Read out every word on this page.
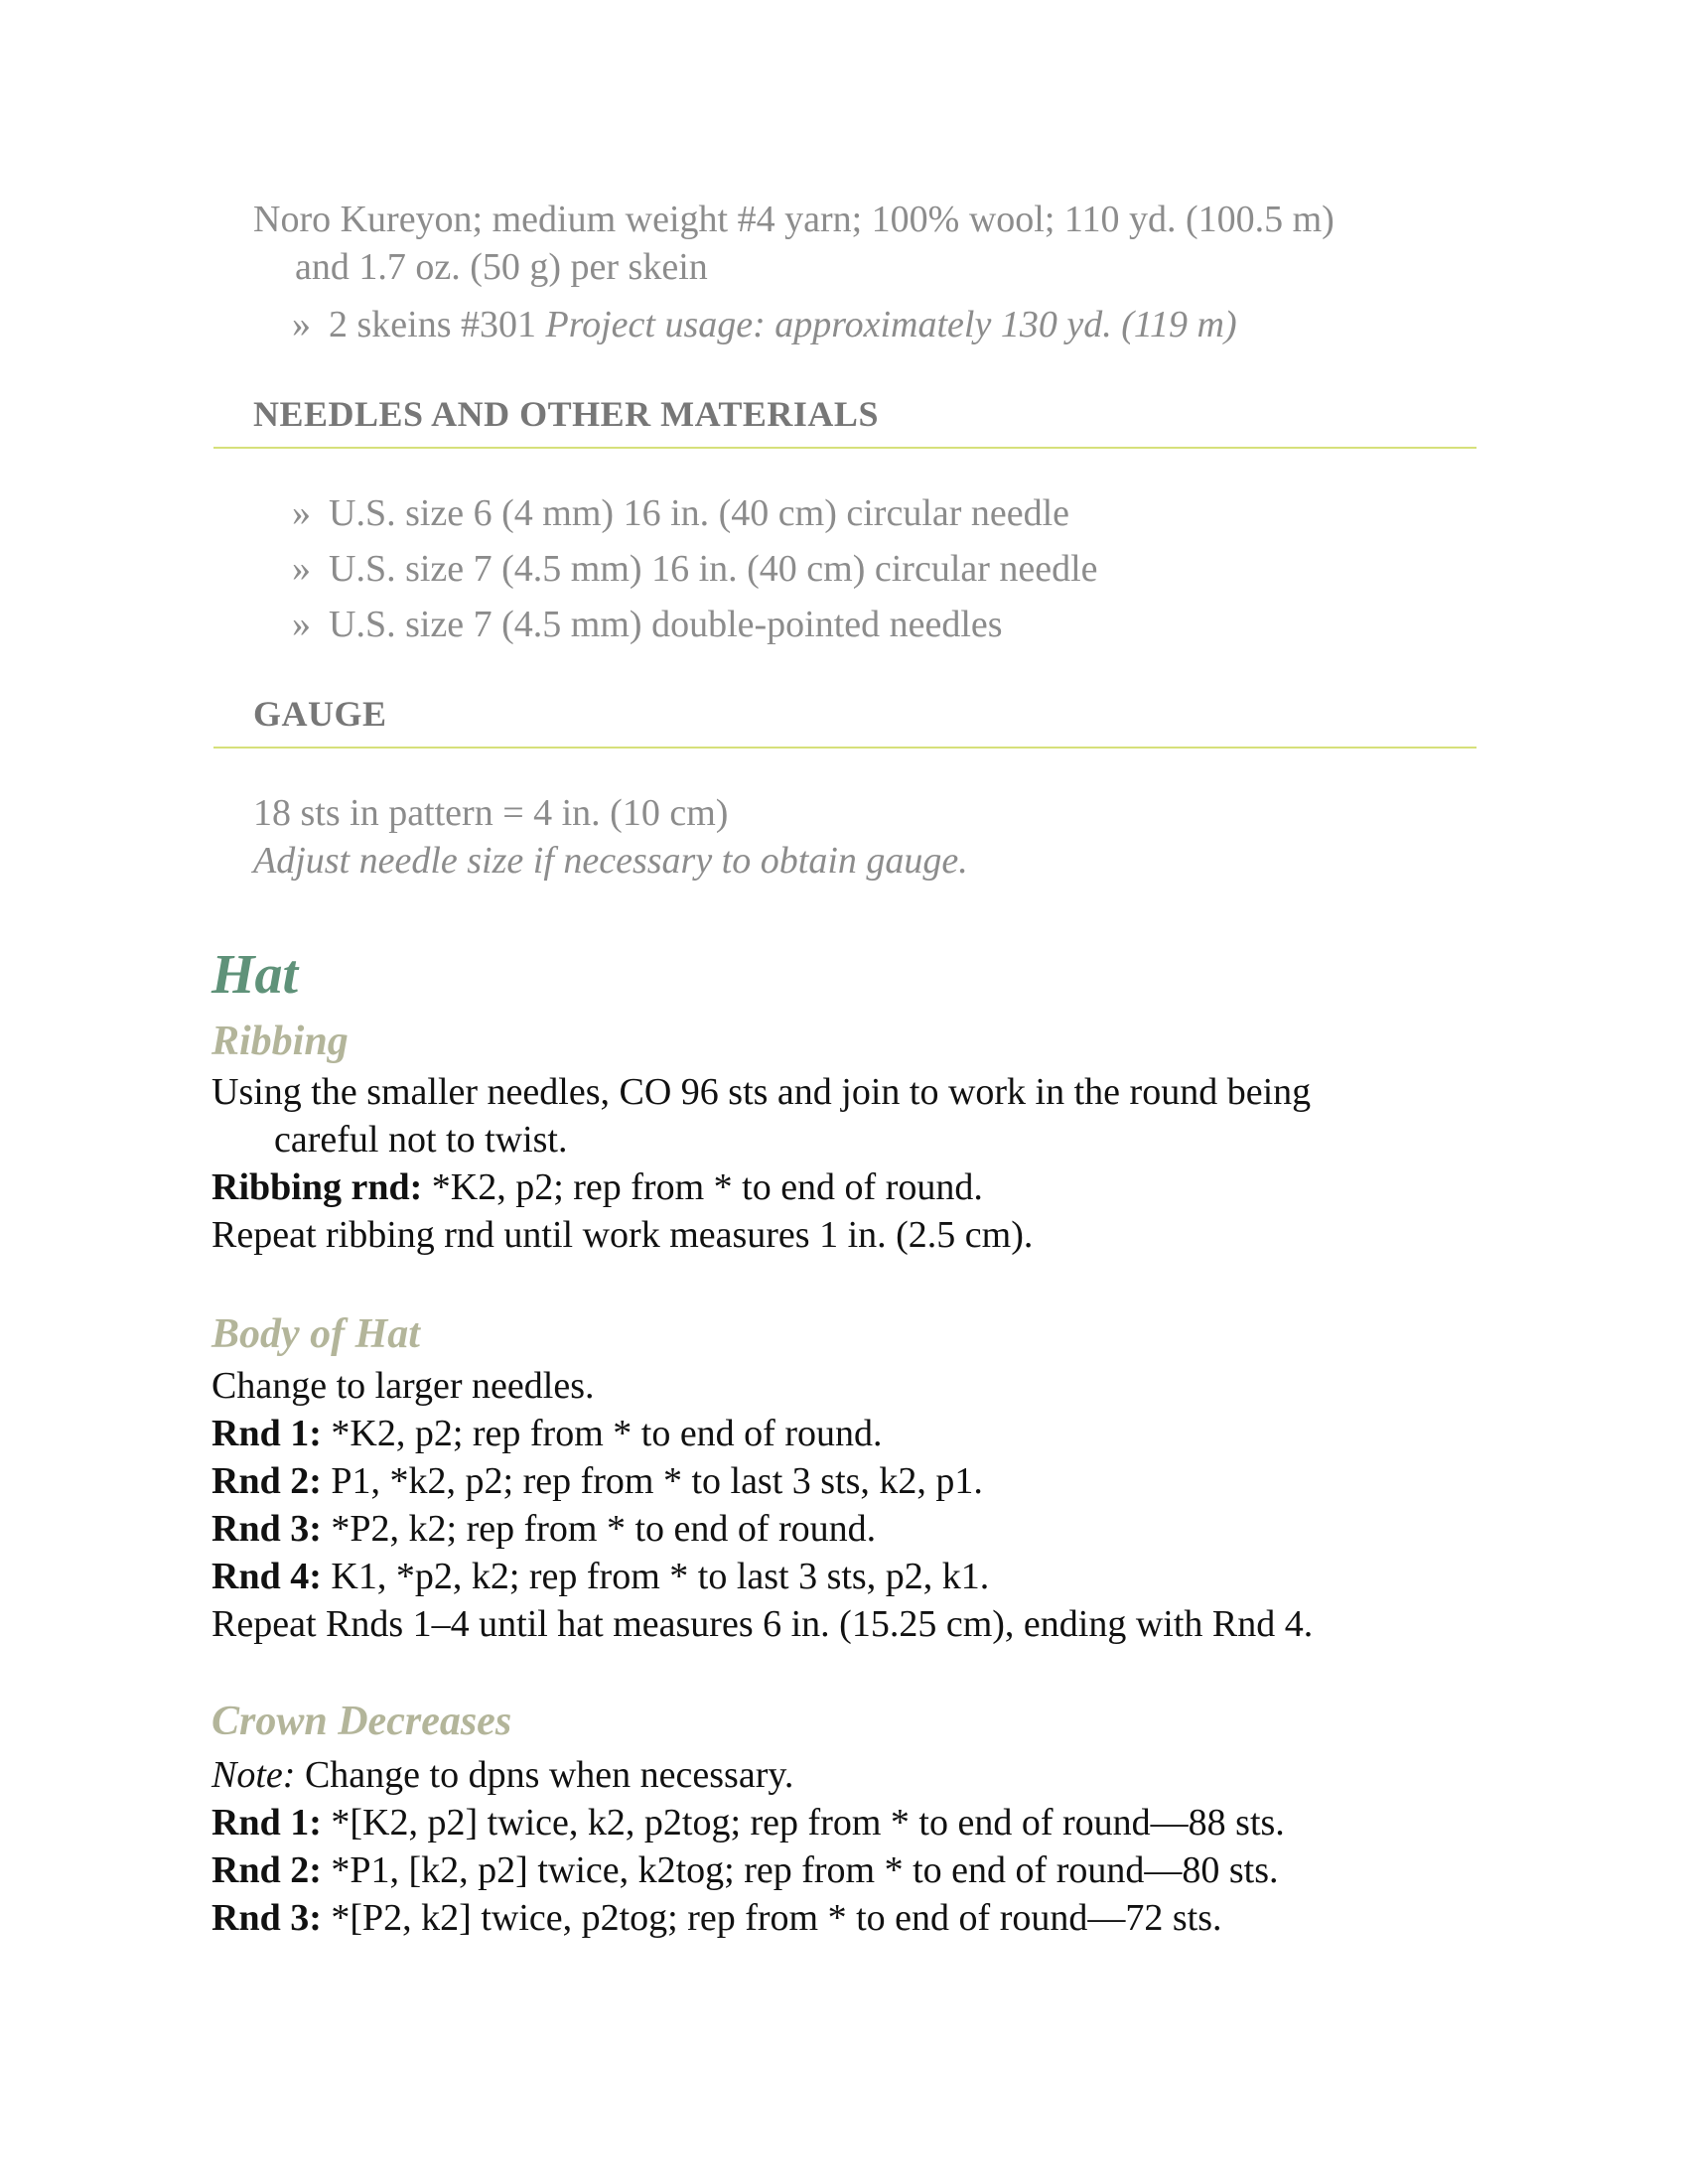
Noro Kureyon; medium weight #4 yarn; 100% wool; 110 yd. (100.5 m)
and 1.7 oz. (50 g) per skein
» 2 skeins #301 Project usage: approximately 130 yd. (119 m)
NEEDLES AND OTHER MATERIALS
» U.S. size 6 (4 mm) 16 in. (40 cm) circular needle
» U.S. size 7 (4.5 mm) 16 in. (40 cm) circular needle
» U.S. size 7 (4.5 mm) double-pointed needles
GAUGE
18 sts in pattern = 4 in. (10 cm)
Adjust needle size if necessary to obtain gauge.
Hat
Ribbing
Using the smaller needles, CO 96 sts and join to work in the round being
careful not to twist.
Ribbing rnd: *K2, p2; rep from * to end of round.
Repeat ribbing rnd until work measures 1 in. (2.5 cm).
Body of Hat
Change to larger needles.
Rnd 1: *K2, p2; rep from * to end of round.
Rnd 2: P1, *k2, p2; rep from * to last 3 sts, k2, p1.
Rnd 3: *P2, k2; rep from * to end of round.
Rnd 4: K1, *p2, k2; rep from * to last 3 sts, p2, k1.
Repeat Rnds 1–4 until hat measures 6 in. (15.25 cm), ending with Rnd 4.
Crown Decreases
Note: Change to dpns when necessary.
Rnd 1: *[K2, p2] twice, k2, p2tog; rep from * to end of round—88 sts.
Rnd 2: *P1, [k2, p2] twice, k2tog; rep from * to end of round—80 sts.
Rnd 3: *[P2, k2] twice, p2tog; rep from * to end of round—72 sts.
